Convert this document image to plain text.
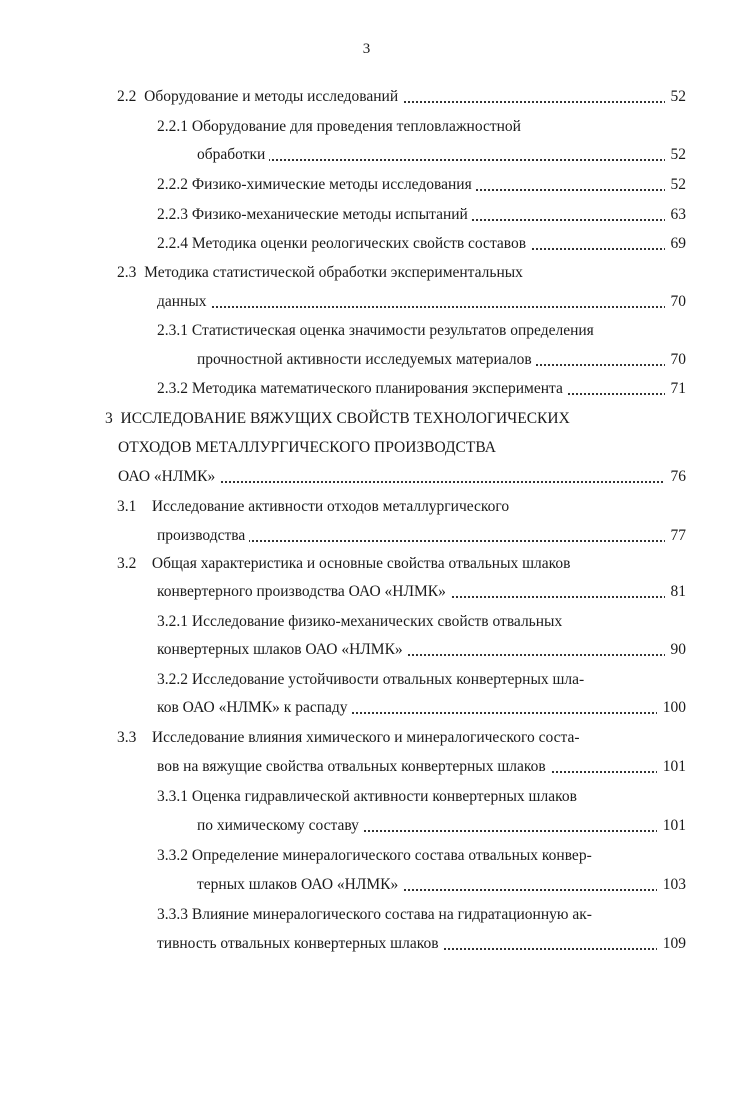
3
2.2 Оборудование и методы исследований	52
2.2.1 Оборудование для проведения тепловлажностной
обработки	52
2.2.2 Физико-химические методы исследования	52
2.2.3 Физико-механические методы испытаний	63
2.2.4 Методика оценки реологических свойств составов	69
2.3 Методика статистической обработки экспериментальных
данных	70
2.3.1 Статистическая оценка значимости результатов определения
прочностной активности исследуемых материалов	70
2.3.2 Методика математического планирования эксперимента	71
3 ИССЛЕДОВАНИЕ ВЯЖУЩИХ СВОЙСТВ ТЕХНОЛОГИЧЕСКИХ
ОТХОДОВ МЕТАЛЛУРГИЧЕСКОГО ПРОИЗВОДСТВА
ОАО «НЛМК»	76
3.1 Исследование активности отходов металлургического
производства	77
3.2 Общая характеристика и основные свойства отвальных шлаков
конвертерного производства ОАО «НЛМК»	81
3.2.1 Исследование физико-механических свойств отвальных
конвертерных шлаков ОАО «НЛМК»	90
3.2.2 Исследование устойчивости отвальных конвертерных шла-
ков ОАО «НЛМК» к распаду	100
3.3 Исследование влияния химического и минералогического соста-
вов на вяжущие свойства отвальных конвертерных шлаков	101
3.3.1 Оценка гидравлической активности конвертерных шлаков
по химическому составу	101
3.3.2 Определение минералогического состава отвальных конвер-
терных шлаков ОАО «НЛМК»	103
3.3.3 Влияние минералогического состава на гидратационную ак-
тивность отвальных конвертерных шлаков	109
